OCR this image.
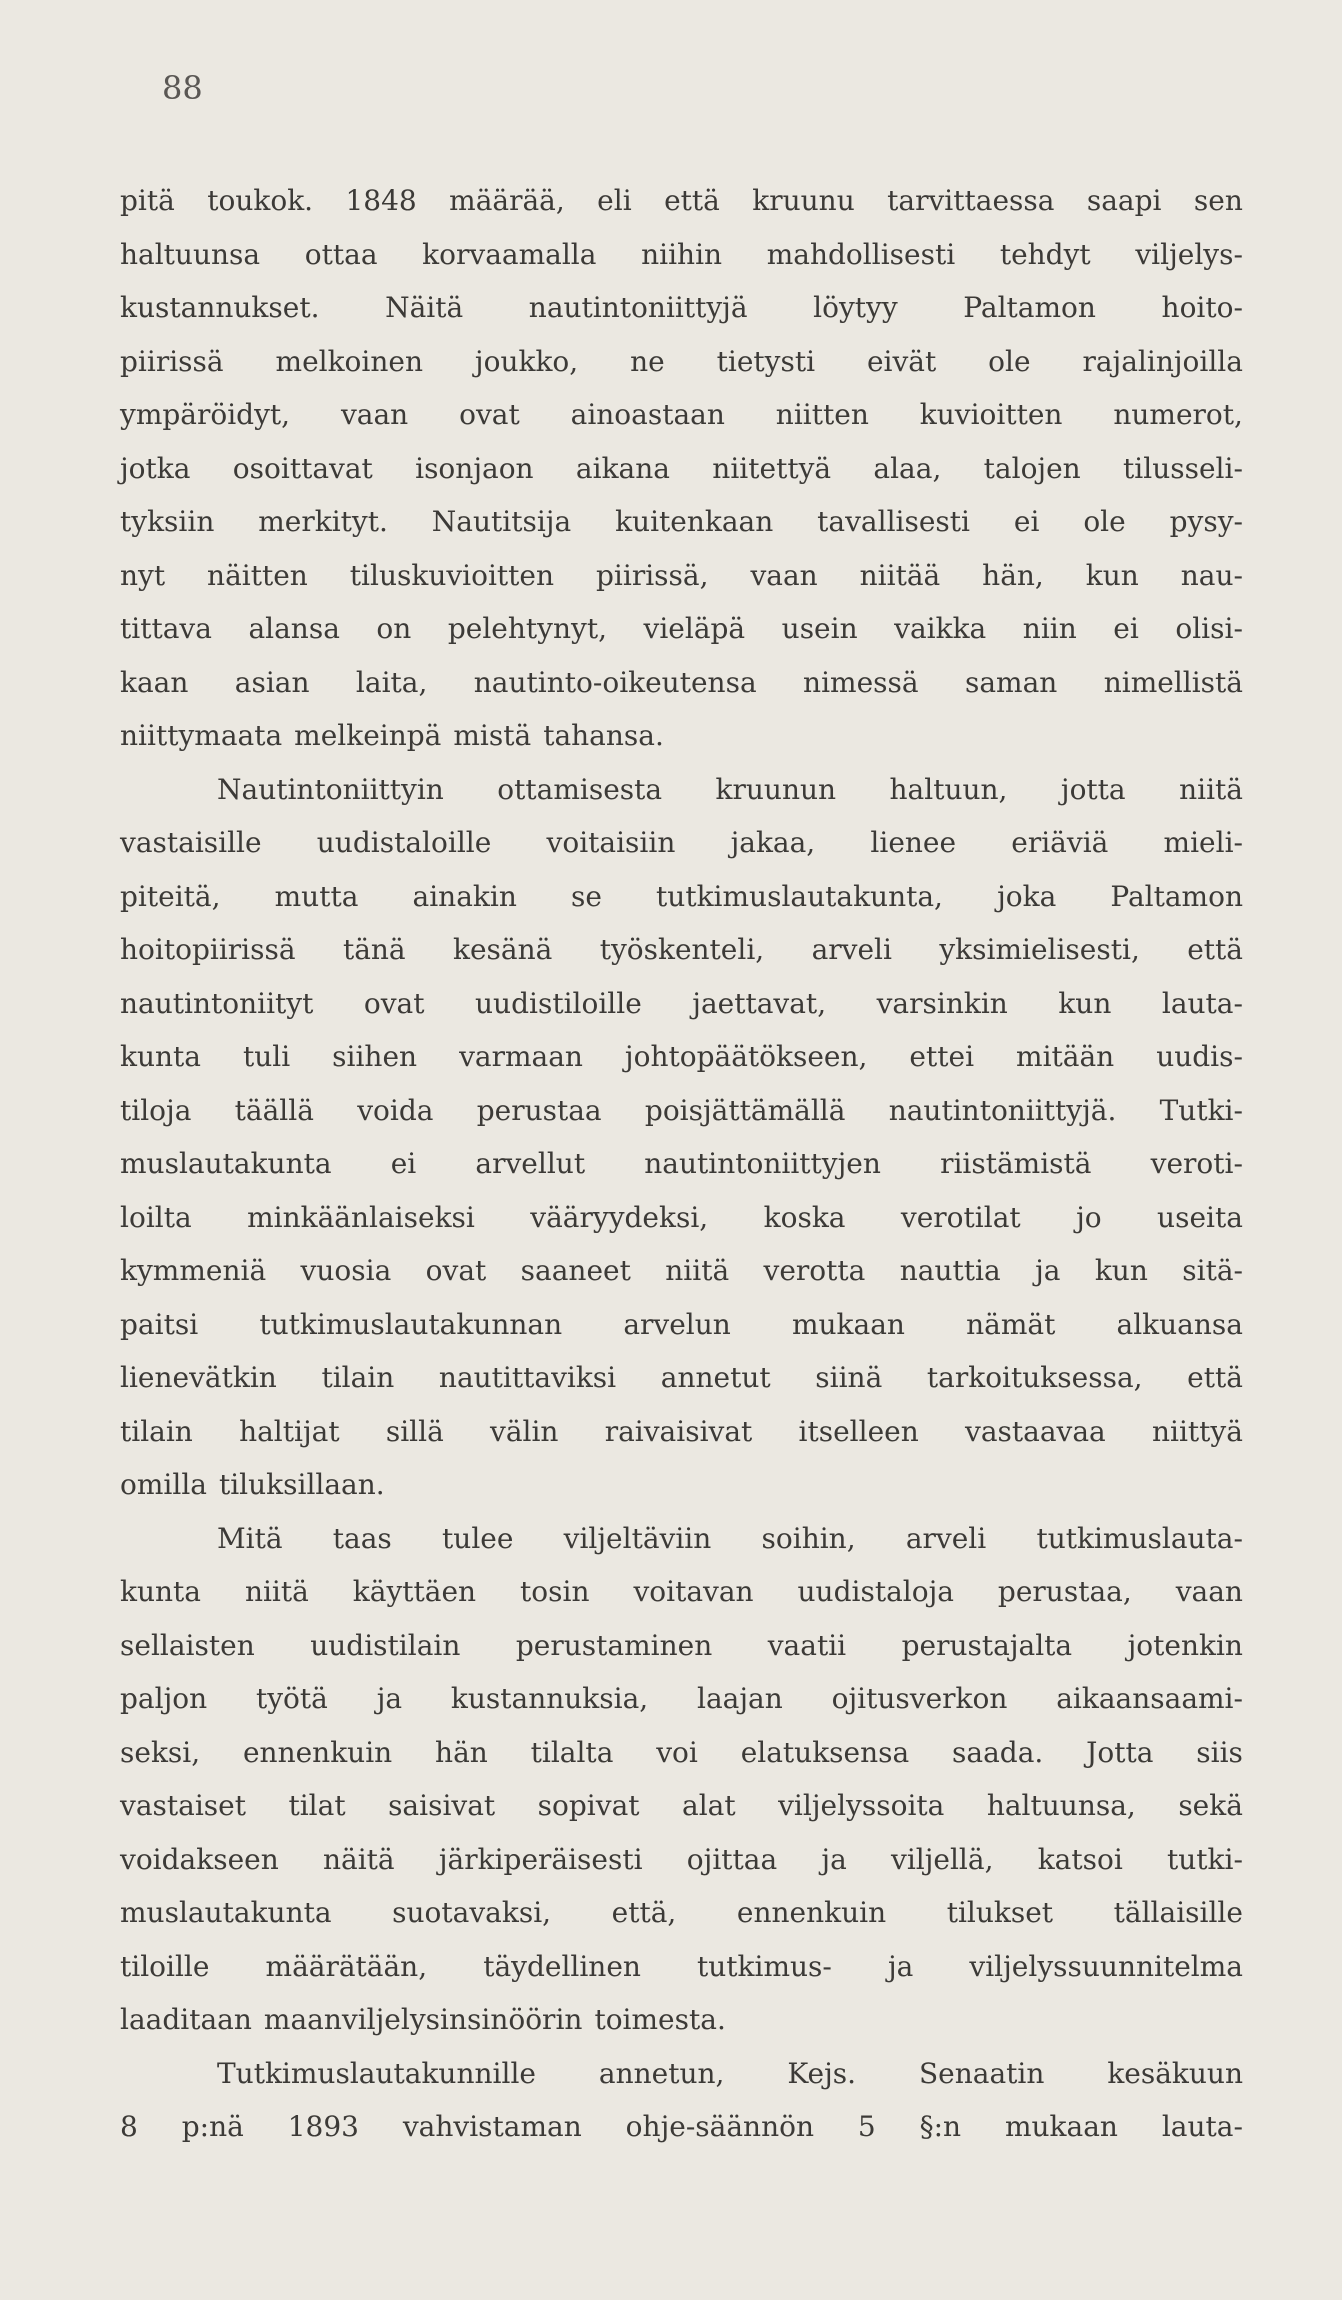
88
pitä toukok. 1848 määrää, eli että kruunu tarvittaessa saapi sen
haltuunsa ottaa korvaamalla niihin mahdollisesti tehdyt viljelys-
kustannukset. Näitä nautintoniittyjä löytyy Paltamon hoito-
piirissä melkoinen joukko, ne tietysti eivät ole rajalinjoilla
ympäröidyt, vaan ovat ainoastaan niitten kuvioitten numerot,
jotka osoittavat isonjaon aikana niitettyä alaa, talojen tilusseli-
tyksiin merkityt. Nautitsija kuitenkaan tavallisesti ei ole pysy-
nyt näitten tiluskuvioitten piirissä, vaan niitää hän, kun nau-
tittava alansa on pelehtynyt, vieläpä usein vaikka niin ei olisi-
kaan asian laita, nautinto-oikeutensa nimessä saman nimellistä
niittymaata melkeinpä mistä tahansa.
Nautintoniittyin ottamisesta kruunun haltuun, jotta niitä
vastaisille uudistaloille voitaisiin jakaa, lienee eriäviä mieli-
piteitä, mutta ainakin se tutkimuslautakunta, joka Paltamon
hoitopiirissä tänä kesänä työskenteli, arveli yksimielisesti, että
nautintoniityt ovat uudistiloille jaettavat, varsinkin kun lauta-
kunta tuli siihen varmaan johtopäätökseen, ettei mitään uudis-
tiloja täällä voida perustaa poisjättämällä nautintoniittyjä. Tutki-
muslautakunta ei arvellut nautintoniittyjen riistämistä veroti-
loilta minkäänlaiseksi vääryydeksi, koska verotilat jo useita
kymmeniä vuosia ovat saaneet niitä verotta nauttia ja kun sitä-
paitsi tutkimuslautakunnan arvelun mukaan nämät alkuansa
lienevätkin tilain nautittaviksi annetut siinä tarkoituksessa, että
tilain haltijat sillä välin raivaisivat itselleen vastaavaa niittyä
omilla tiluksillaan.
Mitä taas tulee viljeltäviin soihin, arveli tutkimuslauta-
kunta niitä käyttäen tosin voitavan uudistaloja perustaa, vaan
sellaisten uudistilain perustaminen vaatii perustajalta jotenkin
paljon työtä ja kustannuksia, laajan ojitusverkon aikaansaami-
seksi, ennenkuin hän tilalta voi elatuksensa saada. Jotta siis
vastaiset tilat saisivat sopivat alat viljelyssoita haltuunsa, sekä
voidakseen näitä järkiperäisesti ojittaa ja viljellä, katsoi tutki-
muslautakunta suotavaksi, että, ennenkuin tilukset tällaisille
tiloille määrätään, täydellinen tutkimus- ja viljelyssuunnitelma
laaditaan maanviljelysinsinöörin toimesta.
Tutkimuslautakunnille annetun, Kejs. Senaatin kesäkuun
8 p:nä 1893 vahvistaman ohje-säännön 5 §:n mukaan lauta-
